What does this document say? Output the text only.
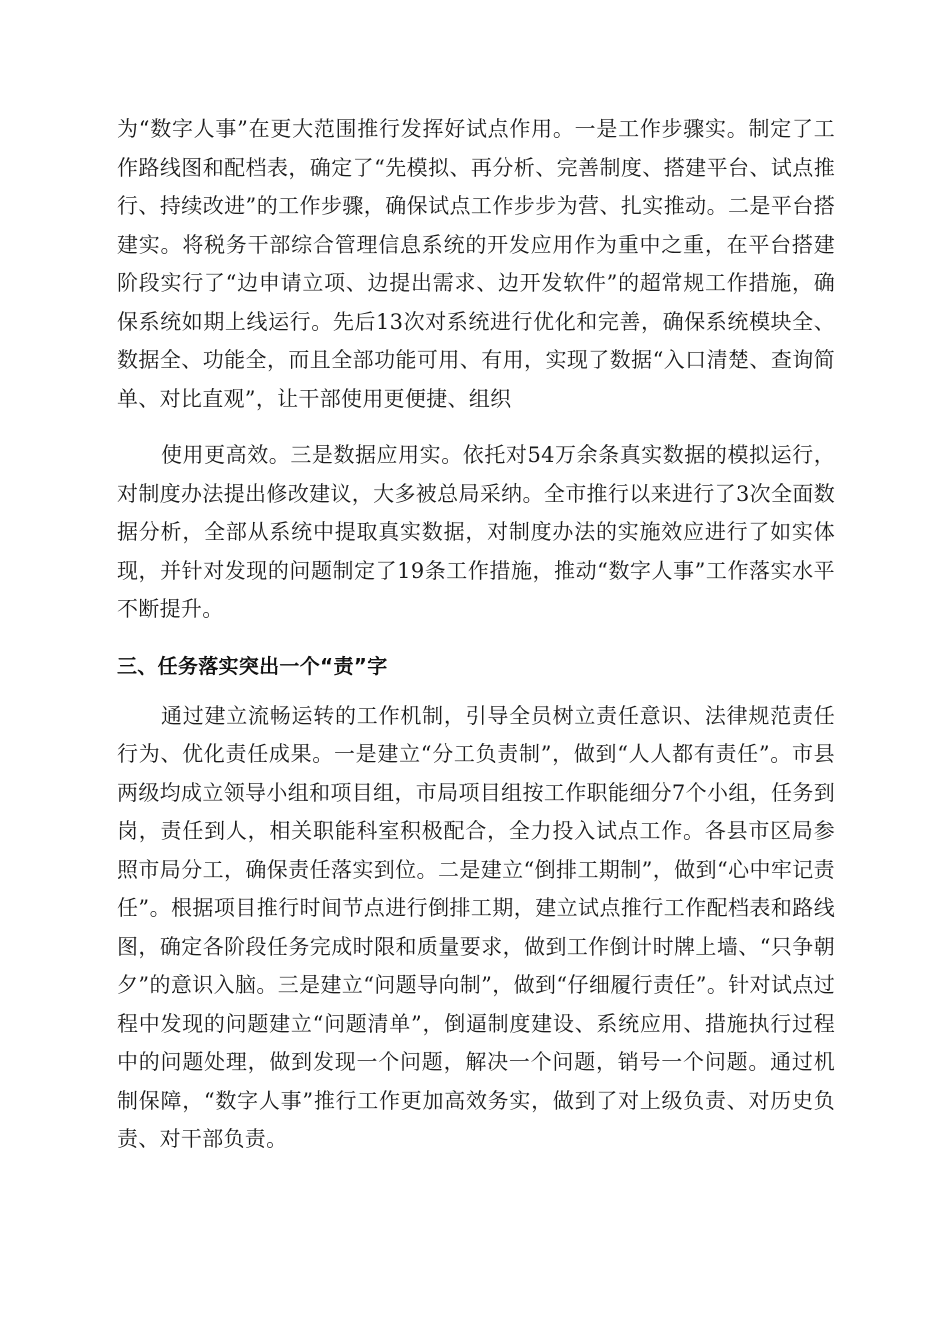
为“数字人事”在更大范围推行发挥好试点作用。一是工作步骤实。制定了工作路线图和配档表，确定了“先模拟、再分析、完善制度、搭建平台、试点推行、持续改进”的工作步骤，确保试点工作步步为营、扎实推动。二是平台搭建实。将税务干部综合管理信息系统的开发应用作为重中之重，在平台搭建阶段实行了“边申请立项、边提出需求、边开发软件”的超常规工作措施，确保系统如期上线运行。先后13次对系统进行优化和完善，确保系统模块全、数据全、功能全，而且全部功能可用、有用，实现了数据“入口清楚、查询简单、对比直观”，让干部使用更便捷、组织

使用更高效。三是数据应用实。依托对54万余条真实数据的模拟运行，对制度办法提出修改建议，大多被总局采纳。全市推行以来进行了3次全面数据分析，全部从系统中提取真实数据，对制度办法的实施效应进行了如实体现，并针对发现的问题制定了19条工作措施，推动“数字人事”工作落实水平不断提升。

三、任务落实突出一个“责”字

通过建立流畅运转的工作机制，引导全员树立责任意识、法律规范责任行为、优化责任成果。一是建立“分工负责制”，做到“人人都有责任”。市县两级均成立领导小组和项目组，市局项目组按工作职能细分7个小组，任务到岗，责任到人，相关职能科室积极配合，全力投入试点工作。各县市区局参照市局分工，确保责任落实到位。二是建立“倒排工期制”，做到“心中牢记责任”。根据项目推行时间节点进行倒排工期，建立试点推行工作配档表和路线图，确定各阶段任务完成时限和质量要求，做到工作倒计时牌上墙、“只争朝夕”的意识入脑。三是建立“问题导向制”，做到“仔细履行责任”。针对试点过程中发现的问题建立“问题清单”，倒逼制度建设、系统应用、措施执行过程中的问题处理，做到发现一个问题，解决一个问题，销号一个问题。通过机制保障，“数字人事”推行工作更加高效务实，做到了对上级负责、对历史负责、对干部负责。
